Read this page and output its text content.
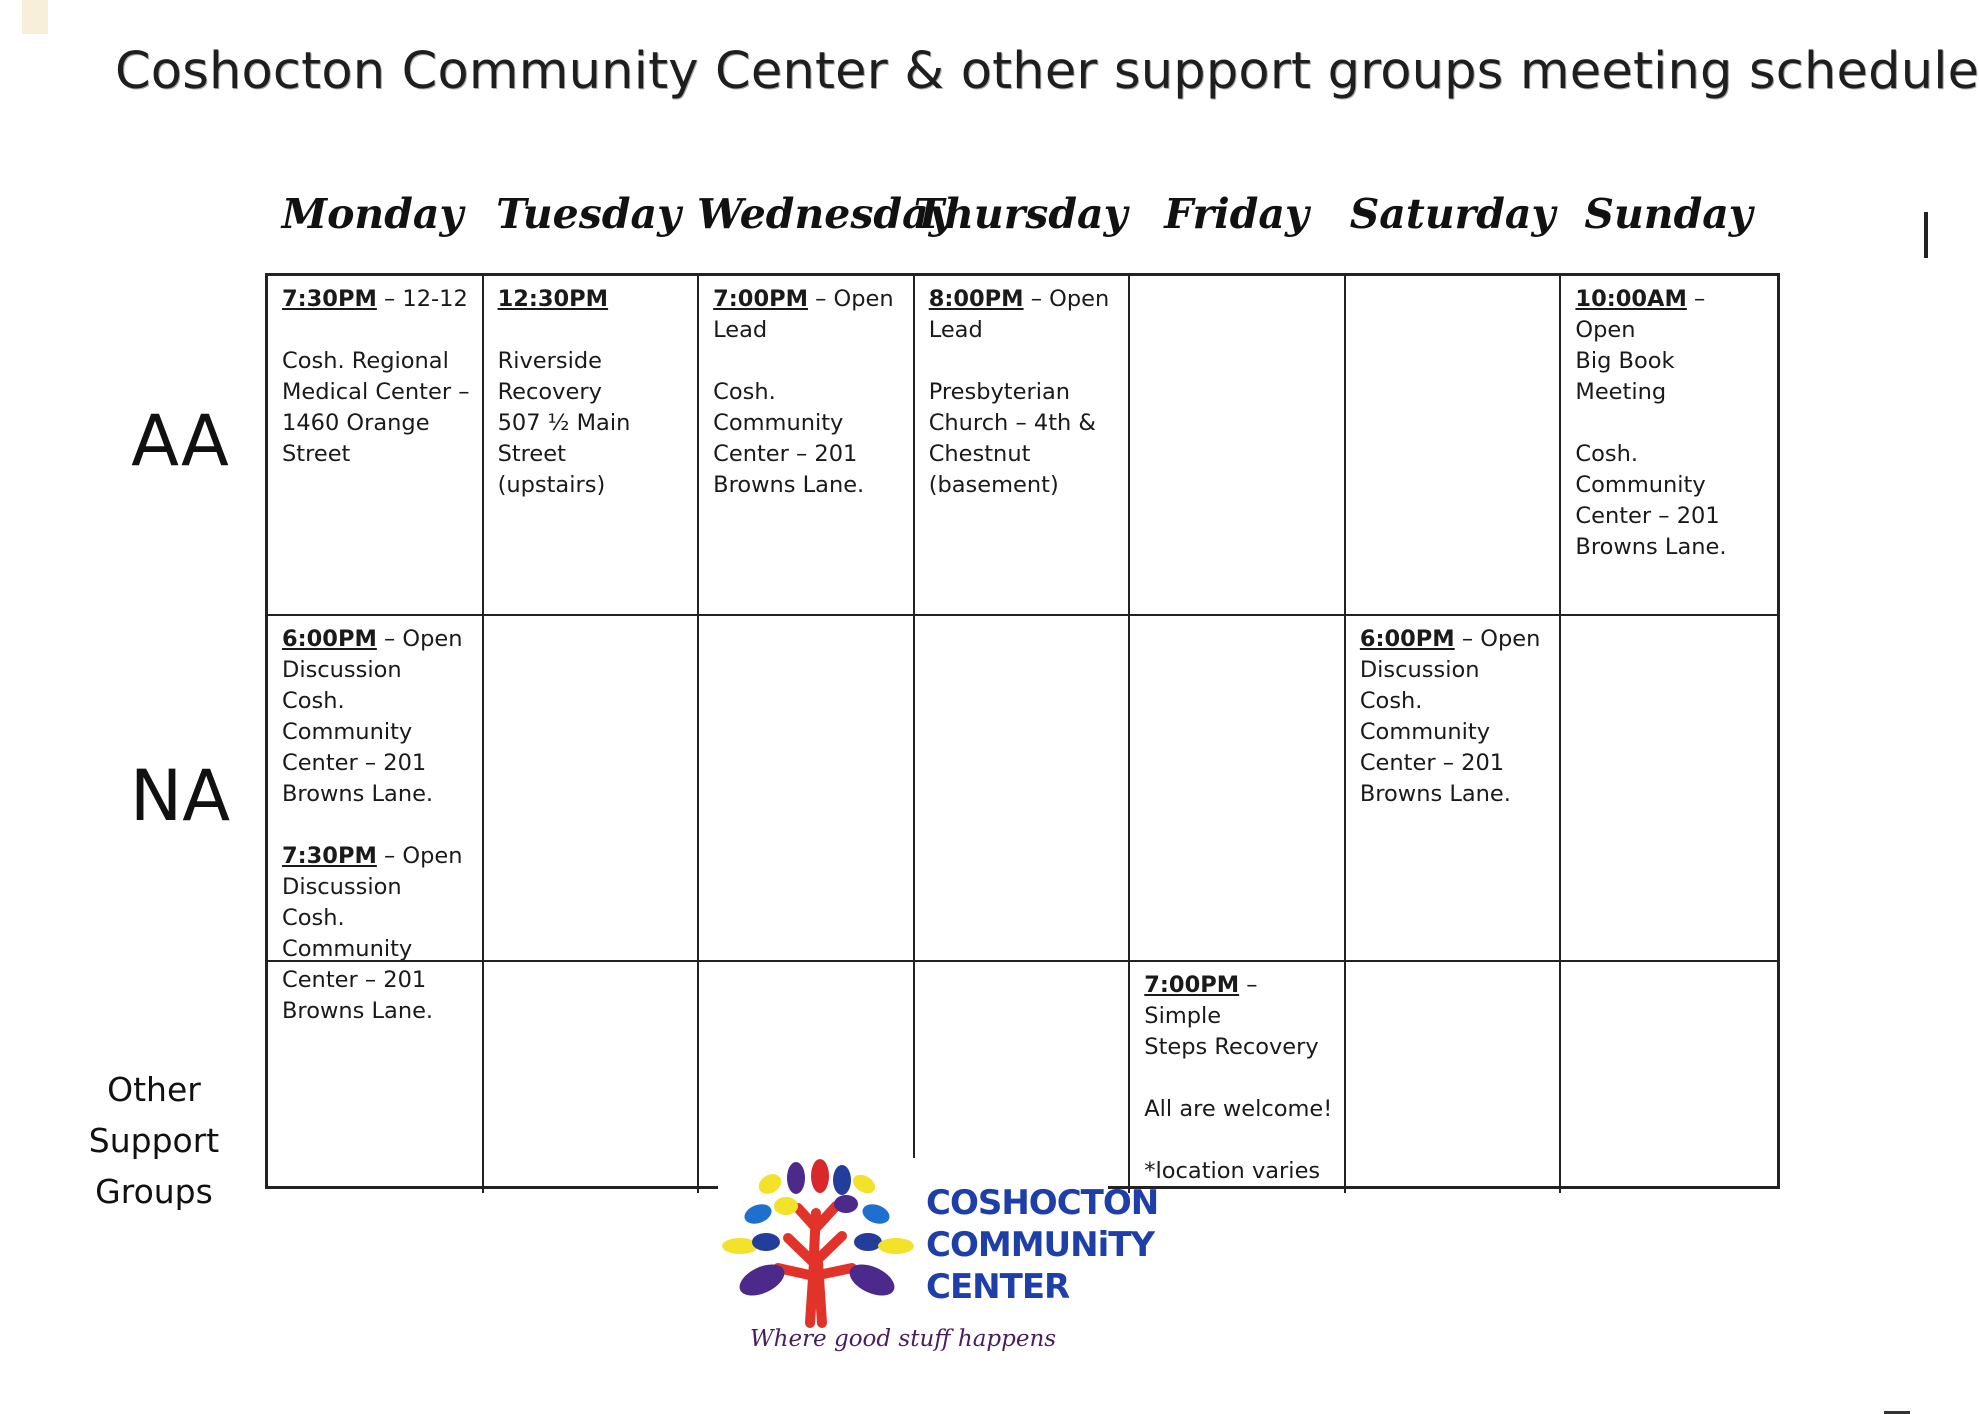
Coshocton Community Center & other support groups meeting schedule
Monday Tuesday Wednesday
Thursday Friday Saturday Sunday
AA
NA
Other
Support
Groups
7:30PM – 12-12
Cosh. Regional
Medical Center –
1460 Orange
Street
12:30PM
Riverside
Recovery
507 ½ Main Street
(upstairs)
7:00PM – Open
Lead
Cosh. Community
Center – 201
Browns Lane.
8:00PM – Open
Lead
Presbyterian
Church – 4th &
Chestnut
(basement)
10:00AM – Open
Big Book Meeting
Cosh. Community
Center – 201
Browns Lane.
6:00PM – Open
Discussion
Cosh. Community
Center – 201
Browns Lane.
7:30PM – Open
Discussion
Cosh. Community
Center – 201
Browns Lane.
6:00PM – Open
Discussion
Cosh. Community
Center – 201
Browns Lane.
7:00PM – Simple
Steps Recovery
All are welcome!
*location varies
COSHOCTON
COMMUNiTY
CENTER
Where good stuff happens
